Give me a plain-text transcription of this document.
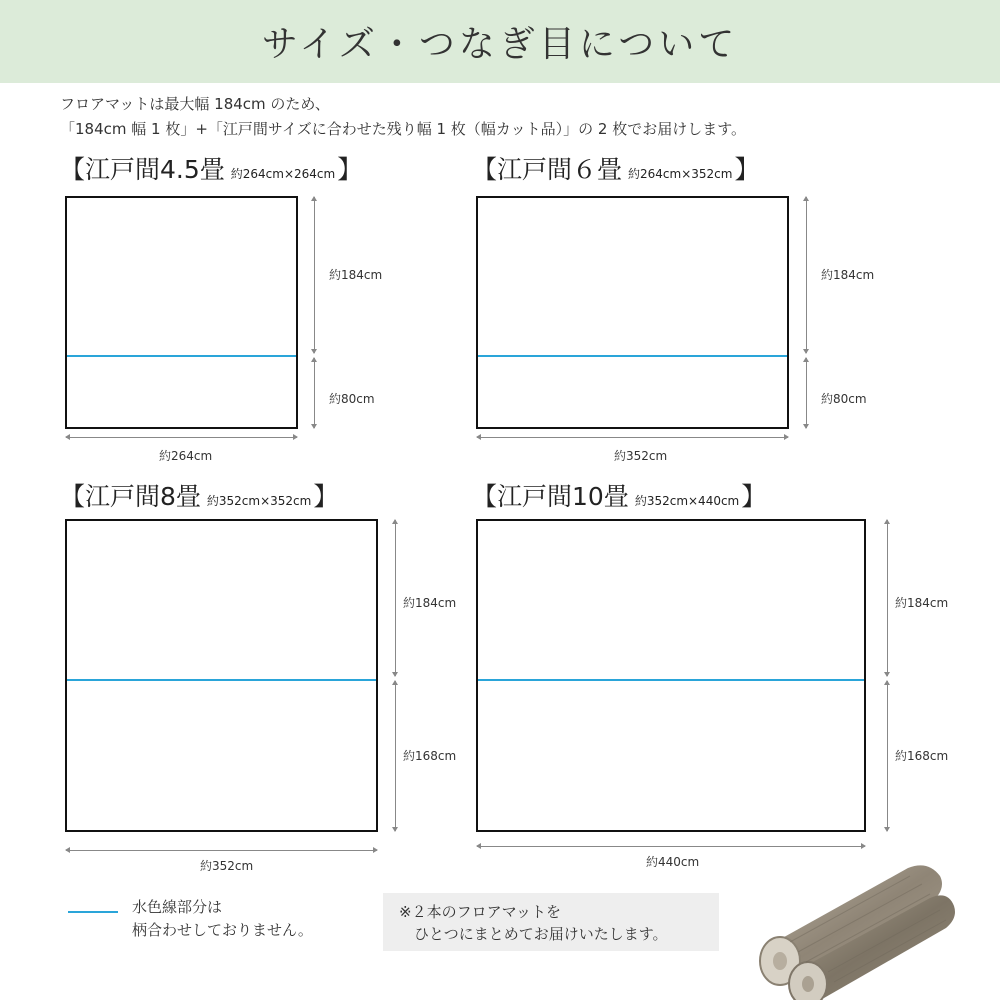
サイズ・つなぎ目について
フロアマットは最大幅 184cm のため、
「184cm 幅 1 枚」+「江戸間サイズに合わせた残り幅 1 枚（幅カット品）」の 2 枚でお届けします。
【江戸間4.5畳 約264cm×264cm 】
約184cm
約80cm
約264cm
【江戸間６畳 約264cm×352cm 】
約184cm
約80cm
約352cm
【江戸間8畳 約352cm×352cm 】
約184cm
約168cm
約352cm
【江戸間10畳 約352cm×440cm 】
約184cm
約168cm
約440cm
水色線部分は
柄合わせしておりません。
※２本のフロアマットを
　ひとつにまとめてお届けいたします。
